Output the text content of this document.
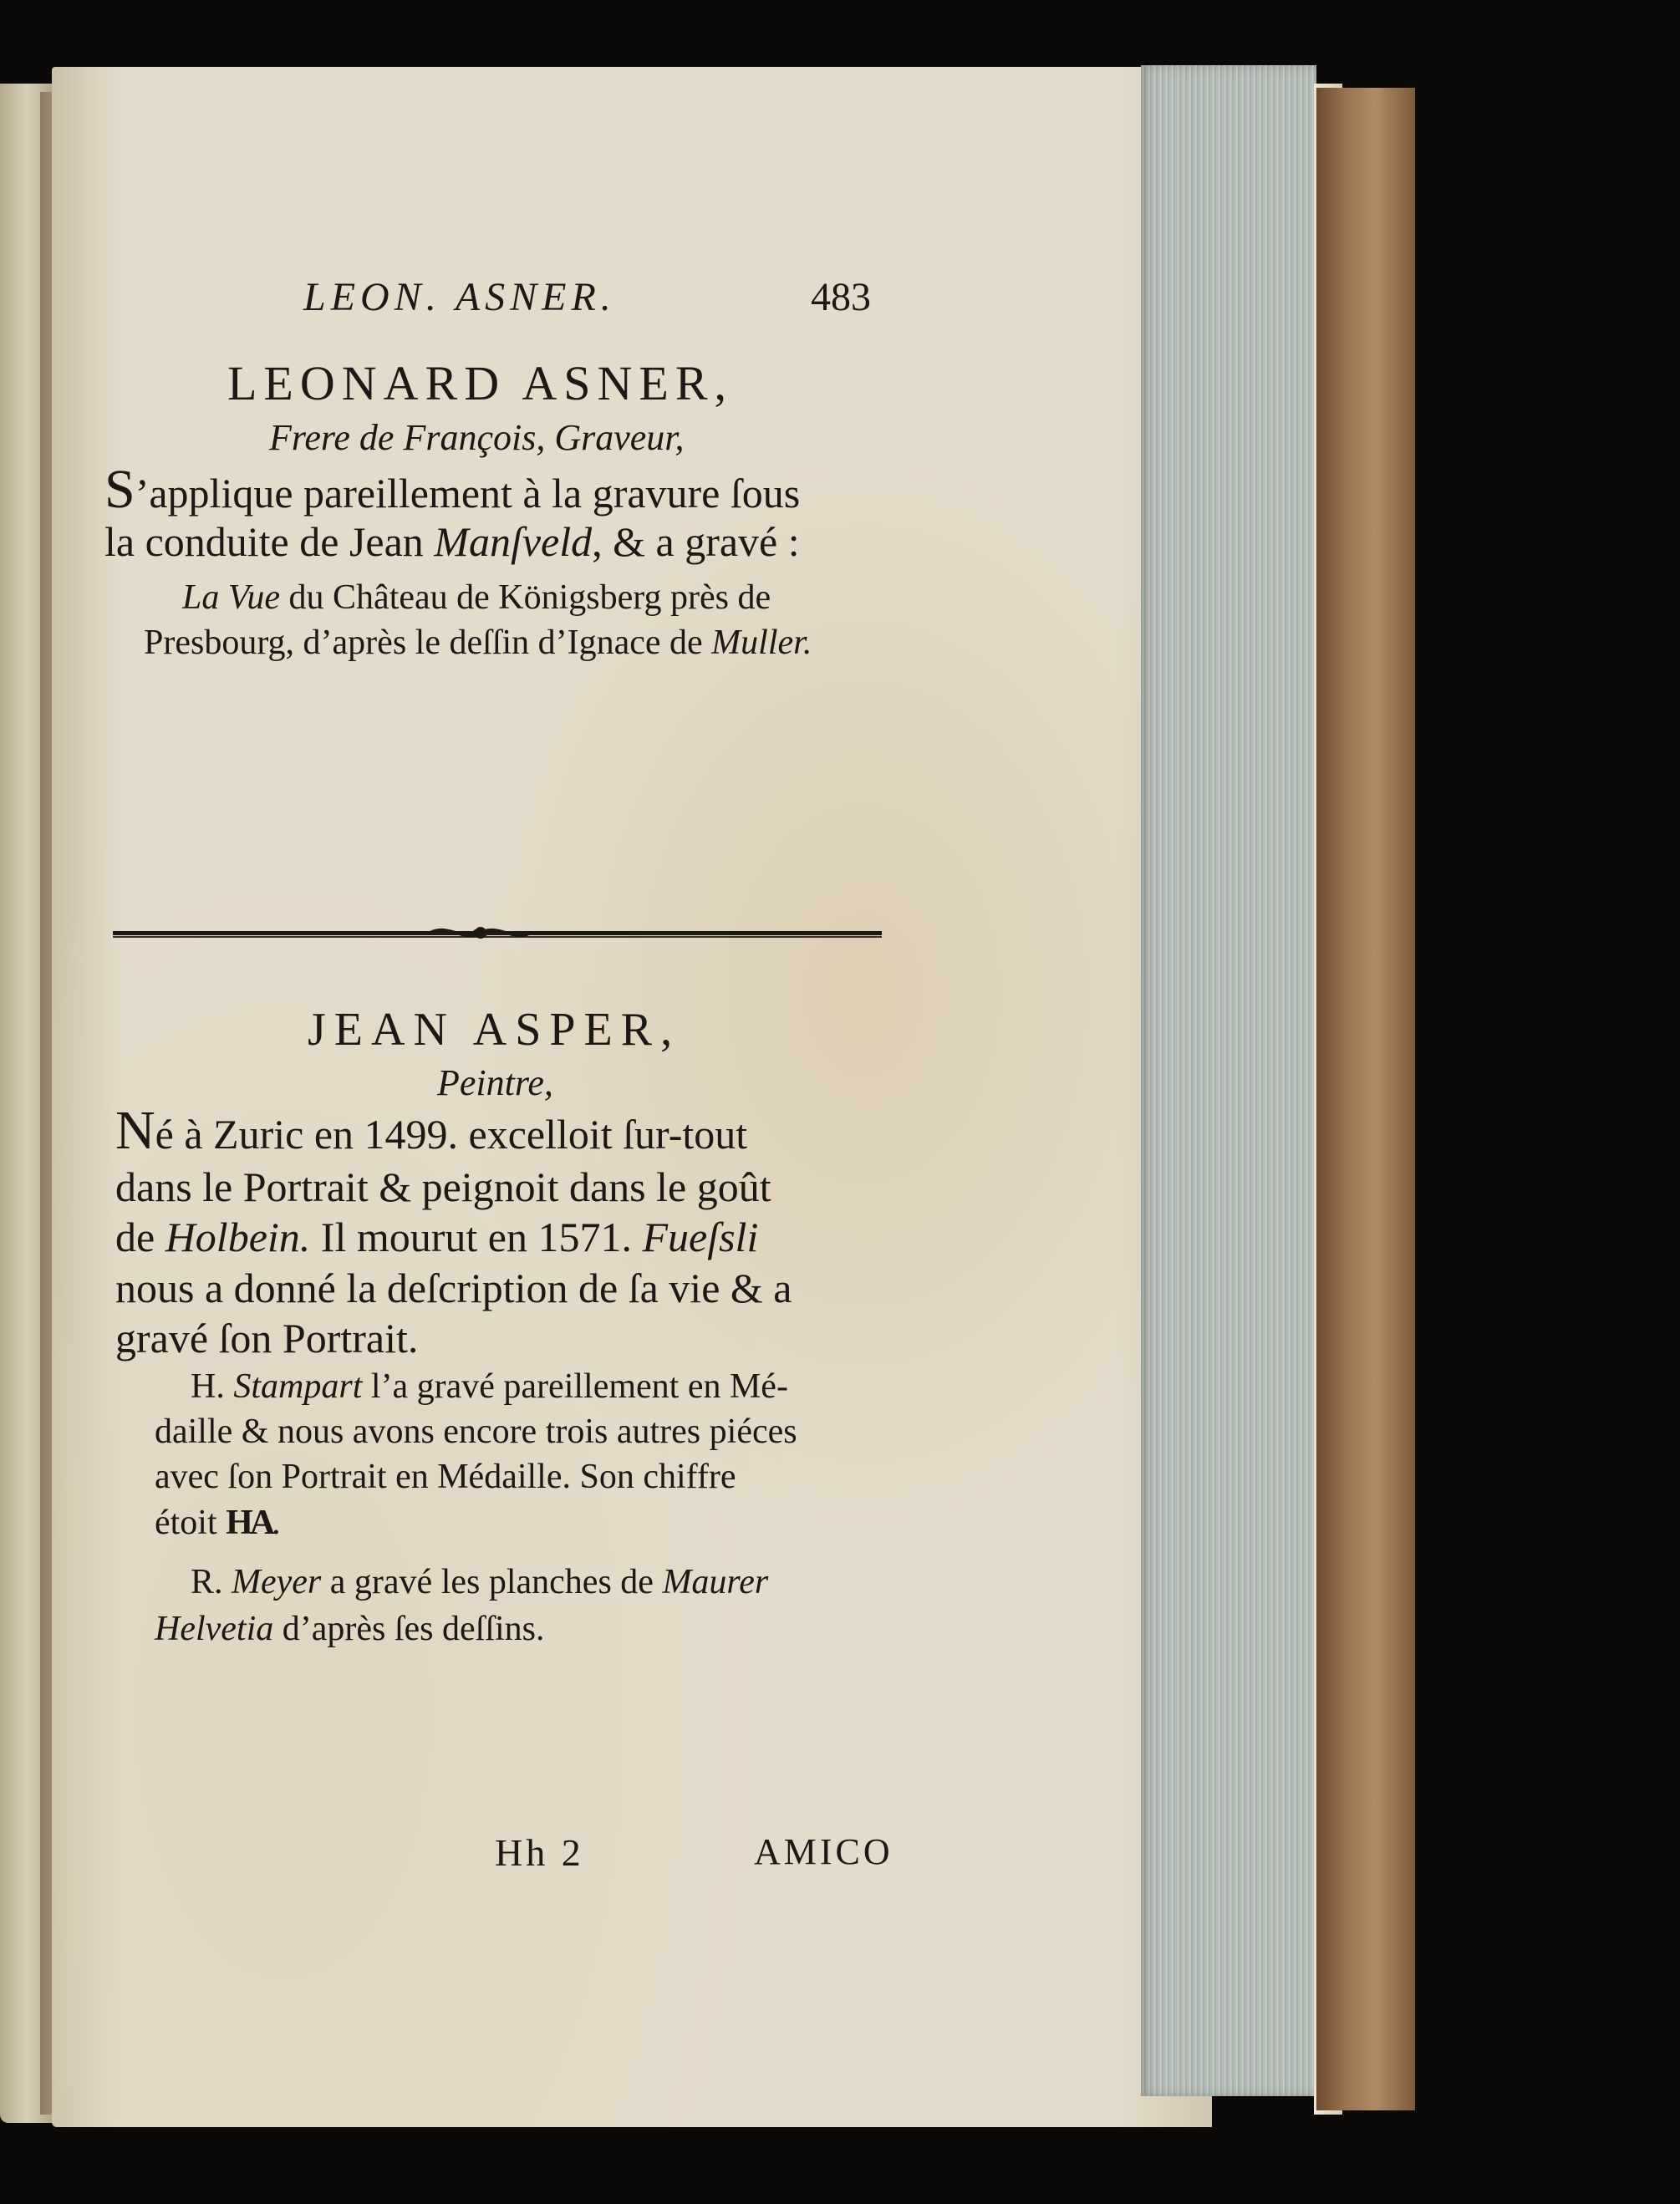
LEON. ASNER.	483
LEONARD ASNER,
Frere de François, Graveur,
S’applique pareillement à la gravure ſous
la conduite de Jean Manſveld, & a gravé :
La Vue du Château de Königsberg près de
Presbourg, d’après le deſſin d’Ignace de Muller.
JEAN ASPER,
Peintre,
Né à Zuric en 1499. excelloit ſur-tout
dans le Portrait & peignoit dans le goût
de Holbein. Il mourut en 1571. Fueſsli
nous a donné la deſcription de ſa vie & a
gravé ſon Portrait.
H. Stampart l’a gravé pareillement en Mé-
daille & nous avons encore trois autres piéces
avec ſon Portrait en Médaille. Son chiffre
étoit HA.
R. Meyer a gravé les planches de Maurer
Helvetia d’après ſes deſſins.
Hh 2	AMICO
